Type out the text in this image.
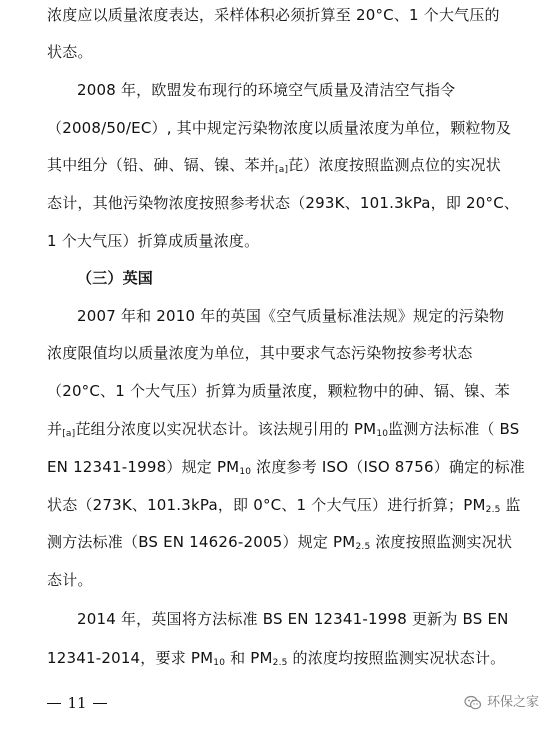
浓度应以质量浓度表达，采样体积必须折算至 20°C、1 个大气压的
状态。
2008 年，欧盟发布现行的环境空气质量及清洁空气指令
（2008/50/EC）, 其中规定污染物浓度以质量浓度为单位，颗粒物及
其中组分（铅、砷、镉、镍、苯并$_{[a]}$芘）浓度按照监测点位的实况状
态计，其他污染物浓度按照参考状态（293K、101.3kPa，即 20°C、
1 个大气压）折算成质量浓度。
（三）英国
2007 年和 2010 年的英国《空气质量标准法规》规定的污染物
浓度限值均以质量浓度为单位，其中要求气态污染物按参考状态
（20°C、1 个大气压）折算为质量浓度，颗粒物中的砷、镉、镍、苯
并$_{[a]}$芘组分浓度以实况状态计。该法规引用的 $PM_{10}$监测方法标准（ BS
EN 12341-1998）规定 $PM_{10}$ 浓度参考 ISO（ISO 8756）确定的标准
状态（273K、101.3kPa，即 0°C、1 个大气压）进行折算；$PM_{2.5}$ 监
测方法标准（BS EN 14626-2005）规定 $PM_{2.5}$ 浓度按照监测实况状
态计。
2014 年，英国将方法标准 BS EN 12341-1998 更新为 BS EN
12341-2014，要求 $PM_{10}$ 和 $PM_{2.5}$ 的浓度均按照监测实况状态计。
11	环保之家
